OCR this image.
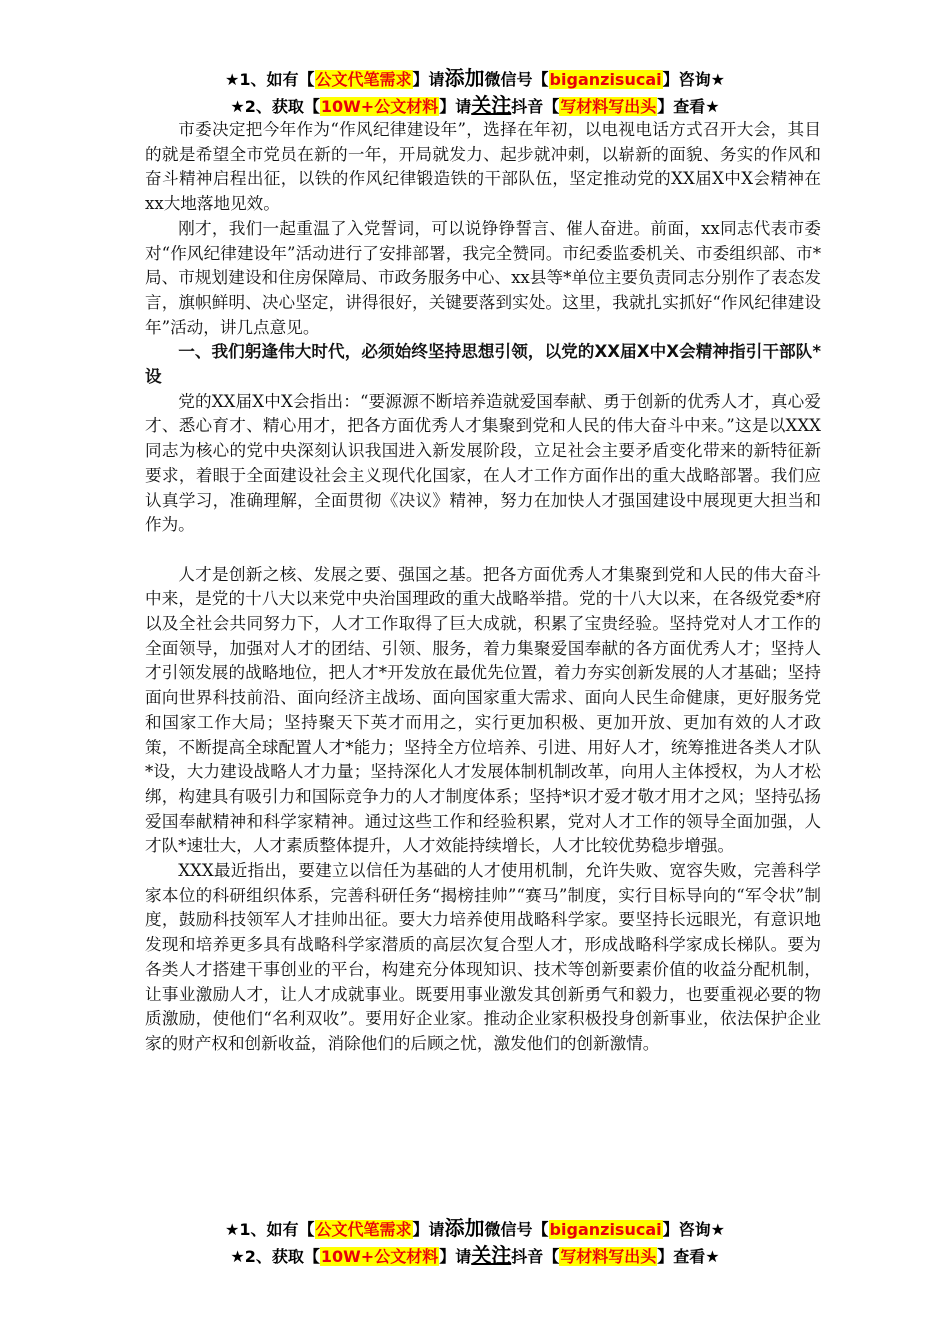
★1、如有【公文代笔需求】请添加微信号【biganzisucai】咨询★
★2、获取【10W+公文材料】请关注抖音【写材料写出头】查看★

市委决定把今年作为“作风纪律建设年”，选择在年初，以电视电话方式召开大会，其目的就是希望全市党员在新的一年，开局就发力、起步就冲刺，以崭新的面貌、务实的作风和奋斗精神启程出征，以铁的作风纪律锻造铁的干部队伍，坚定推动党的XX届X中X会精神在xx大地落地见效。

刚才，我们一起重温了入党誓词，可以说铮铮誓言、催人奋进。前面，xx同志代表市委对“作风纪律建设年”活动进行了安排部署，我完全赞同。市纪委监委机关、市委组织部、市*局、市规划建设和住房保障局、市政务服务中心、xx县等*单位主要负责同志分别作了表态发言，旗帜鲜明、决心坚定，讲得很好，关键要落到实处。这里，我就扎实抓好“作风纪律建设年”活动，讲几点意见。

一、我们躬逢伟大时代，必须始终坚持思想引领，以党的XX届X中X会精神指引干部队*设

党的XX届X中X会指出：“要源源不断培养造就爱国奉献、勇于创新的优秀人才，真心爱才、悉心育才、精心用才，把各方面优秀人才集聚到党和人民的伟大奋斗中来。”这是以XXX同志为核心的党中央深刻认识我国进入新发展阶段，立足社会主要矛盾变化带来的新特征新要求，着眼于全面建设社会主义现代化国家，在人才工作方面作出的重大战略部署。我们应认真学习，准确理解，全面贯彻《决议》精神，努力在加快人才强国建设中展现更大担当和作为。

人才是创新之核、发展之要、强国之基。把各方面优秀人才集聚到党和人民的伟大奋斗中来，是党的十八大以来党中央治国理政的重大战略举措。党的十八大以来，在各级党委*府以及全社会共同努力下，人才工作取得了巨大成就，积累了宝贵经验。坚持党对人才工作的全面领导，加强对人才的团结、引领、服务，着力集聚爱国奉献的各方面优秀人才；坚持人才引领发展的战略地位，把人才*开发放在最优先位置，着力夯实创新发展的人才基础；坚持面向世界科技前沿、面向经济主战场、面向国家重大需求、面向人民生命健康，更好服务党和国家工作大局；坚持聚天下英才而用之，实行更加积极、更加开放、更加有效的人才政策，不断提高全球配置人才*能力；坚持全方位培养、引进、用好人才，统筹推进各类人才队*设，大力建设战略人才力量；坚持深化人才发展体制机制改革，向用人主体授权，为人才松绑，构建具有吸引力和国际竞争力的人才制度体系；坚持*识才爱才敬才用才之风；坚持弘扬爱国奉献精神和科学家精神。通过这些工作和经验积累，党对人才工作的领导全面加强，人才队*速壮大，人才素质整体提升，人才效能持续增长，人才比较优势稳步增强。

XXX最近指出，要建立以信任为基础的人才使用机制，允许失败、宽容失败，完善科学家本位的科研组织体系，完善科研任务“揭榜挂帅”“赛马”制度，实行目标导向的“军令状”制度，鼓励科技领军人才挂帅出征。要大力培养使用战略科学家。要坚持长远眼光，有意识地发现和培养更多具有战略科学家潜质的高层次复合型人才，形成战略科学家成长梯队。要为各类人才搭建干事创业的平台，构建充分体现知识、技术等创新要素价值的收益分配机制，让事业激励人才，让人才成就事业。既要用事业激发其创新勇气和毅力，也要重视必要的物质激励，使他们“名利双收”。要用好企业家。推动企业家积极投身创新事业，依法保护企业家的财产权和创新收益，消除他们的后顾之忧，激发他们的创新激情。

★1、如有【公文代笔需求】请添加微信号【biganzisucai】咨询★
★2、获取【10W+公文材料】请关注抖音【写材料写出头】查看★
